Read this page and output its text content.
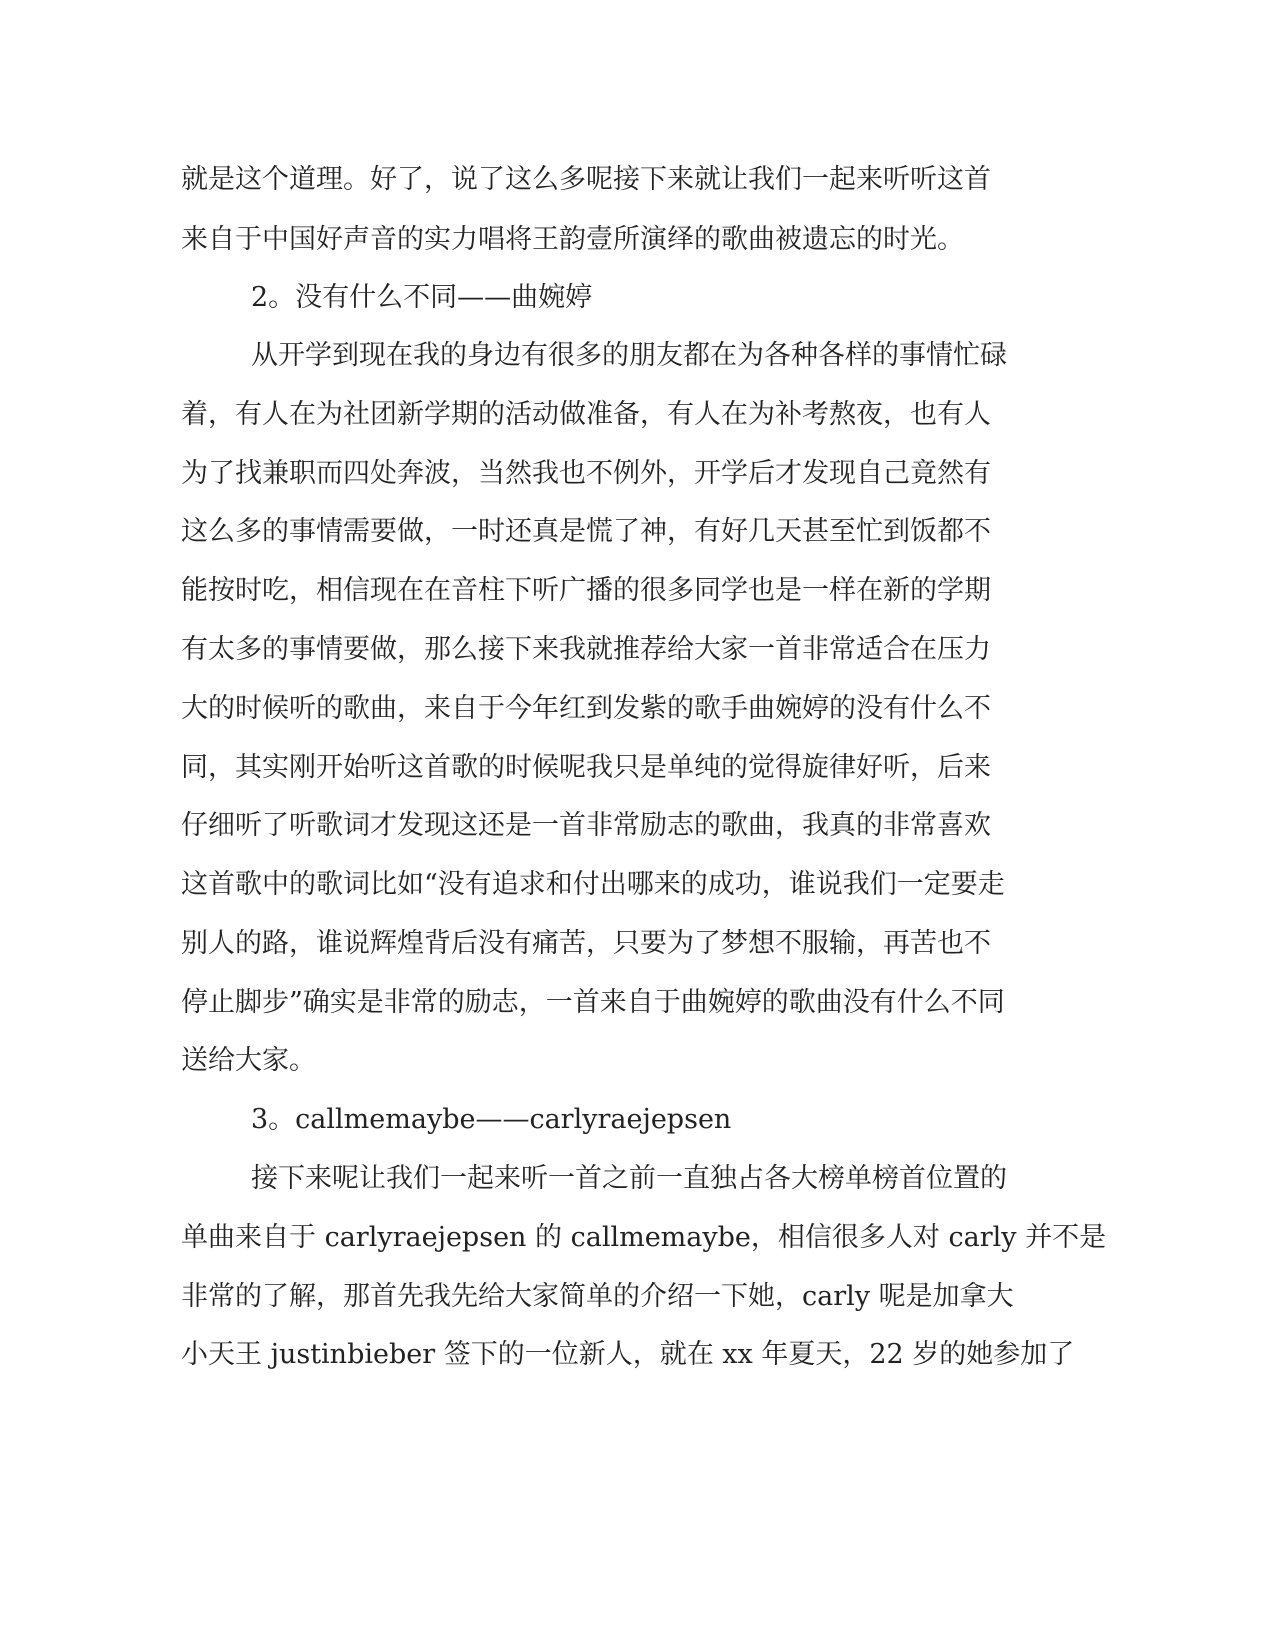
就是这个道理。好了，说了这么多呢接下来就让我们一起来听听这首
来自于中国好声音的实力唱将王韵壹所演绎的歌曲被遗忘的时光。
2。没有什么不同——曲婉婷
从开学到现在我的身边有很多的朋友都在为各种各样的事情忙碌
着，有人在为社团新学期的活动做准备，有人在为补考熬夜，也有人
为了找兼职而四处奔波，当然我也不例外，开学后才发现自己竟然有
这么多的事情需要做，一时还真是慌了神，有好几天甚至忙到饭都不
能按时吃，相信现在在音柱下听广播的很多同学也是一样在新的学期
有太多的事情要做，那么接下来我就推荐给大家一首非常适合在压力
大的时候听的歌曲，来自于今年红到发紫的歌手曲婉婷的没有什么不
同，其实刚开始听这首歌的时候呢我只是单纯的觉得旋律好听，后来
仔细听了听歌词才发现这还是一首非常励志的歌曲，我真的非常喜欢
这首歌中的歌词比如“没有追求和付出哪来的成功，谁说我们一定要走
别人的路，谁说辉煌背后没有痛苦，只要为了梦想不服输，再苦也不
停止脚步”确实是非常的励志，一首来自于曲婉婷的歌曲没有什么不同
送给大家。
3。callmemaybe——carlyraejepsen
接下来呢让我们一起来听一首之前一直独占各大榜单榜首位置的
单曲来自于 carlyraejepsen 的 callmemaybe，相信很多人对 carly 并不是
非常的了解，那首先我先给大家简单的介绍一下她，carly 呢是加拿大
小天王 justinbieber 签下的一位新人，就在 xx 年夏天，22 岁的她参加了
